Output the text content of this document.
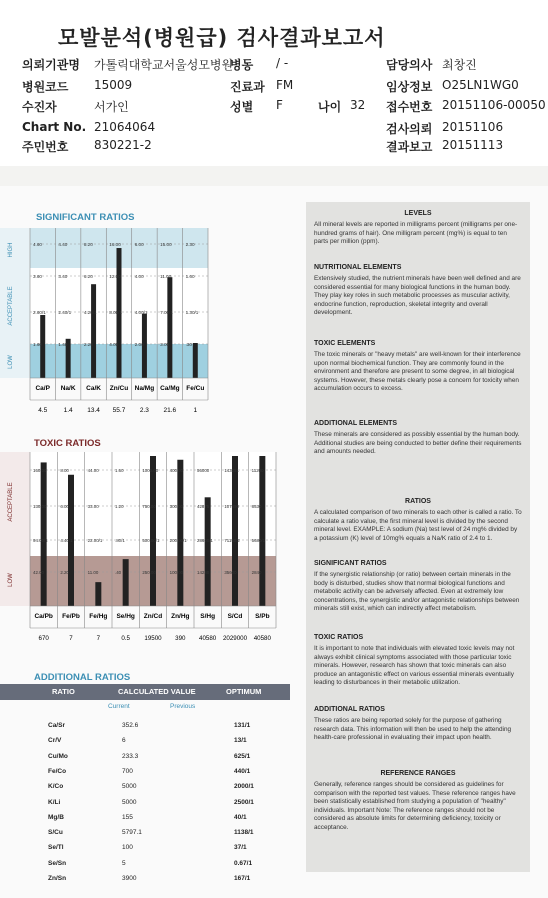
모발분석(병원급) 검사결과보고서
의뢰기관명 가톨릭대학교서울성모병원
병동 / -	담당의사 최창진
병원코드 15009	진료과 FM	임상정보 O25LN1WG0
수진자	서가인	성별 F	나이 32 접수번호 20151106-00050
Chart No. 21064064	검사의뢰 20151106
주민번호 830221-2	결과보고 20151113
SIGNIFICANT RATIOS
HIGH
ACCEPTABLE
LOW
4.60
3.60
2.60/1
1.60
Ca/P
4.5
4.40
3.40
2.40/1
1.40
Na/K
1.4
8.20
6.20
4.20/1
2.20
Ca/K
13.4
16.00
12.00
8.00/1
4.00
Zn/Cu
55.7
6.00
4.00
4.00/1
2.00
Na/Mg
2.3
15.00
11.00
7.00/1
3.00
Ca/Mg
21.6
2.30
1.60
1.30/1
.30
Fe/Cu
1
TOXIC RATIOS
ACCEPTABLE
LOW
160.00
130.00
94.00/1
42.00
Ca/Pb
670
8.00
6.00
4.40/1
2.20
Fe/Pb
7
44.00
33.00
22.00/1
11.00
Fe/Hg
7
1.60
1.20
.80/1
.40
Se/Hg
0.5
1000.00
750.00
500.00/1
250.00
Zn/Cd
19500
400.00
300.00
200.00/1
100.00
Zn/Hg
390
56000
42875
28600/1
14280
S/Hg
40580
143251
107450
71150/2
35600
S/Cd
2029000
11200
8530
5680/1
2840
S/Pb
40580
ADDITIONAL RATIOS
RATIO	CALCULATED VALUE	OPTIMUM
Current	Previous
Ca/Sr	352.6	131/1
Cr/V	6	13/1
Cu/Mo	233.3	625/1
Fe/Co	700	440/1
K/Co	5000	2000/1
K/Li	5000	2500/1
Mg/B	155	40/1
S/Cu	5797.1	1138/1
Se/Tl	100	37/1
Se/Sn	5	0.67/1
Zn/Sn	3900	167/1
LEVELS
All mineral levels are reported in milligrams percent (milligrams per one-hundred grams of hair). One milligram percent (mg%) is equal to ten parts per million (ppm).
NUTRITIONAL ELEMENTS
Extensively studied, the nutrient minerals have been well defined and are considered essential for many biological functions in the human body. They play key roles in such metabolic processes as muscular activity, endocrine function, reproduction, skeletal integrity and overall development.
TOXIC ELEMENTS
The toxic minerals or "heavy metals" are well-known for their interference upon normal biochemical function. They are commonly found in the environment and therefore are present to some degree, in all biological systems. However, these metals clearly pose a concern for toxicity when accumulation occurs to excess.
ADDITIONAL ELEMENTS
These minerals are considered as possibly essential by the human body. Additional studies are being conducted to better define their requirements and amounts needed.
RATIOS
A calculated comparison of two minerals to each other is called a ratio. To calculate a ratio value, the first mineral level is divided by the second mineral level. EXAMPLE: A sodium (Na) test level of 24 mg% divided by a potassium (K) level of 10mg% equals a Na/K ratio of 2.4 to 1.
SIGNIFICANT RATIOS
If the synergistic relationship (or ratio) between certain minerals in the body is disturbed, studies show that normal biological functions and metabolic activity can be adversely affected. Even at extremely low concentrations, the synergistic and/or antagonistic relationships between minerals still exist, which can indirectly affect metabolism.
TOXIC RATIOS
It is important to note that individuals with elevated toxic levels may not always exhibit clinical symptoms associated with those particular toxic minerals. However, research has shown that toxic minerals can also produce an antagonistic effect on various essential minerals eventually leading to disturbances in their metabolic utilization.
ADDITIONAL RATIOS
These ratios are being reported solely for the purpose of gathering research data. This information will then be used to help the attending health-care professional in evaluating their impact upon health.
REFERENCE RANGES
Generally, reference ranges should be considered as guidelines for comparison with the reported test values. These reference ranges have been statistically established from studying a population of "healthy" individuals. Important Note: The reference ranges should not be considered as absolute limits for determining deficiency, toxicity or acceptance.
